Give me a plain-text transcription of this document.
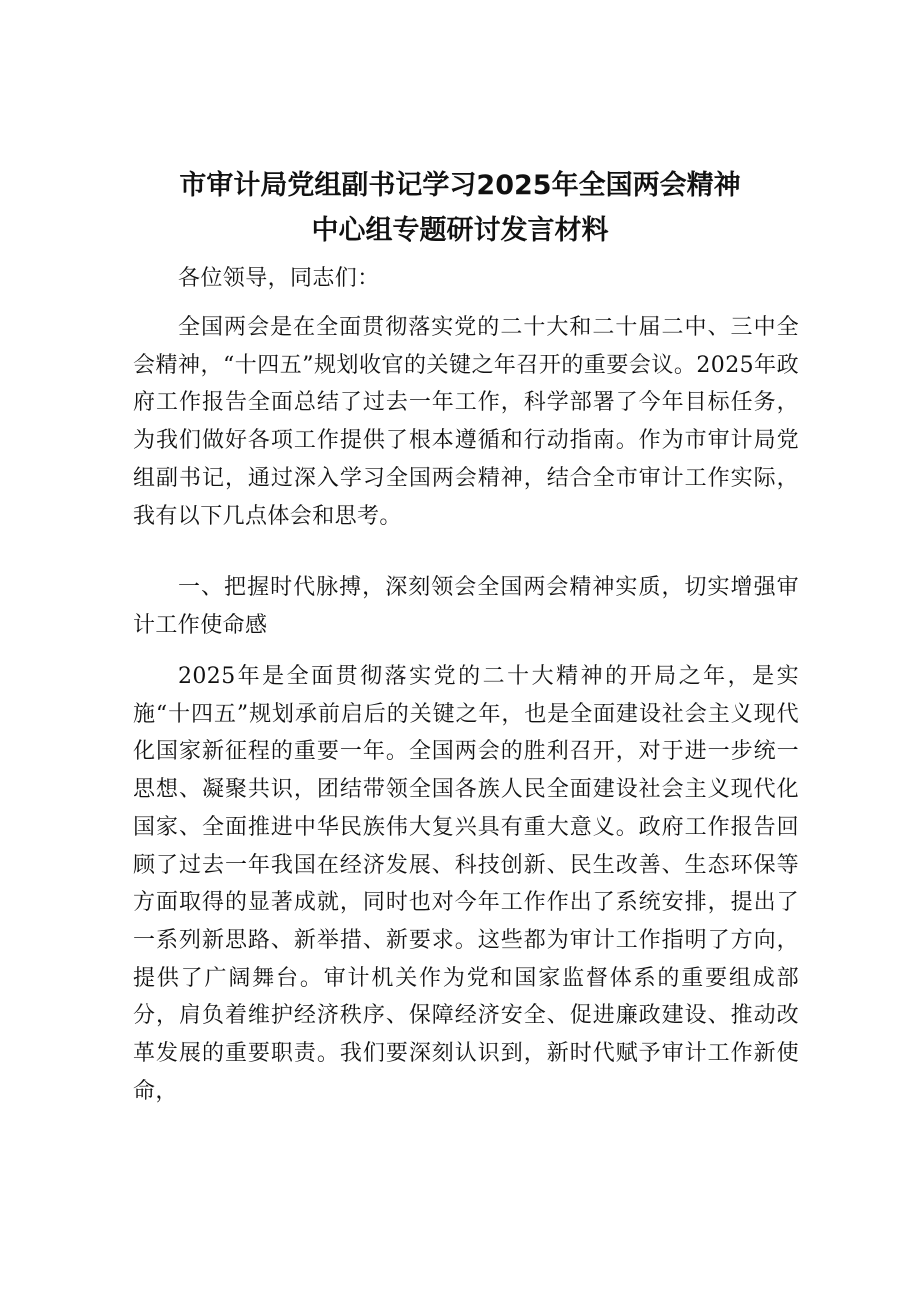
市审计局党组副书记学习2025年全国两会精神
中心组专题研讨发言材料
各位领导，同志们：

全国两会是在全面贯彻落实党的二十大和二十届二中、三中全会精神，“十四五”规划收官的关键之年召开的重要会议。2025年政府工作报告全面总结了过去一年工作，科学部署了今年目标任务，为我们做好各项工作提供了根本遵循和行动指南。作为市审计局党组副书记，通过深入学习全国两会精神，结合全市审计工作实际，我有以下几点体会和思考。

一、把握时代脉搏，深刻领会全国两会精神实质，切实增强审计工作使命感

2025年是全面贯彻落实党的二十大精神的开局之年，是实施“十四五”规划承前启后的关键之年，也是全面建设社会主义现代化国家新征程的重要一年。全国两会的胜利召开，对于进一步统一思想、凝聚共识，团结带领全国各族人民全面建设社会主义现代化国家、全面推进中华民族伟大复兴具有重大意义。政府工作报告回顾了过去一年我国在经济发展、科技创新、民生改善、生态环保等方面取得的显著成就，同时也对今年工作作出了系统安排，提出了一系列新思路、新举措、新要求。这些都为审计工作指明了方向，提供了广阔舞台。审计机关作为党和国家监督体系的重要组成部分，肩负着维护经济秩序、保障经济安全、促进廉政建设、推动改革发展的重要职责。我们要深刻认识到，新时代赋予审计工作新使命，
